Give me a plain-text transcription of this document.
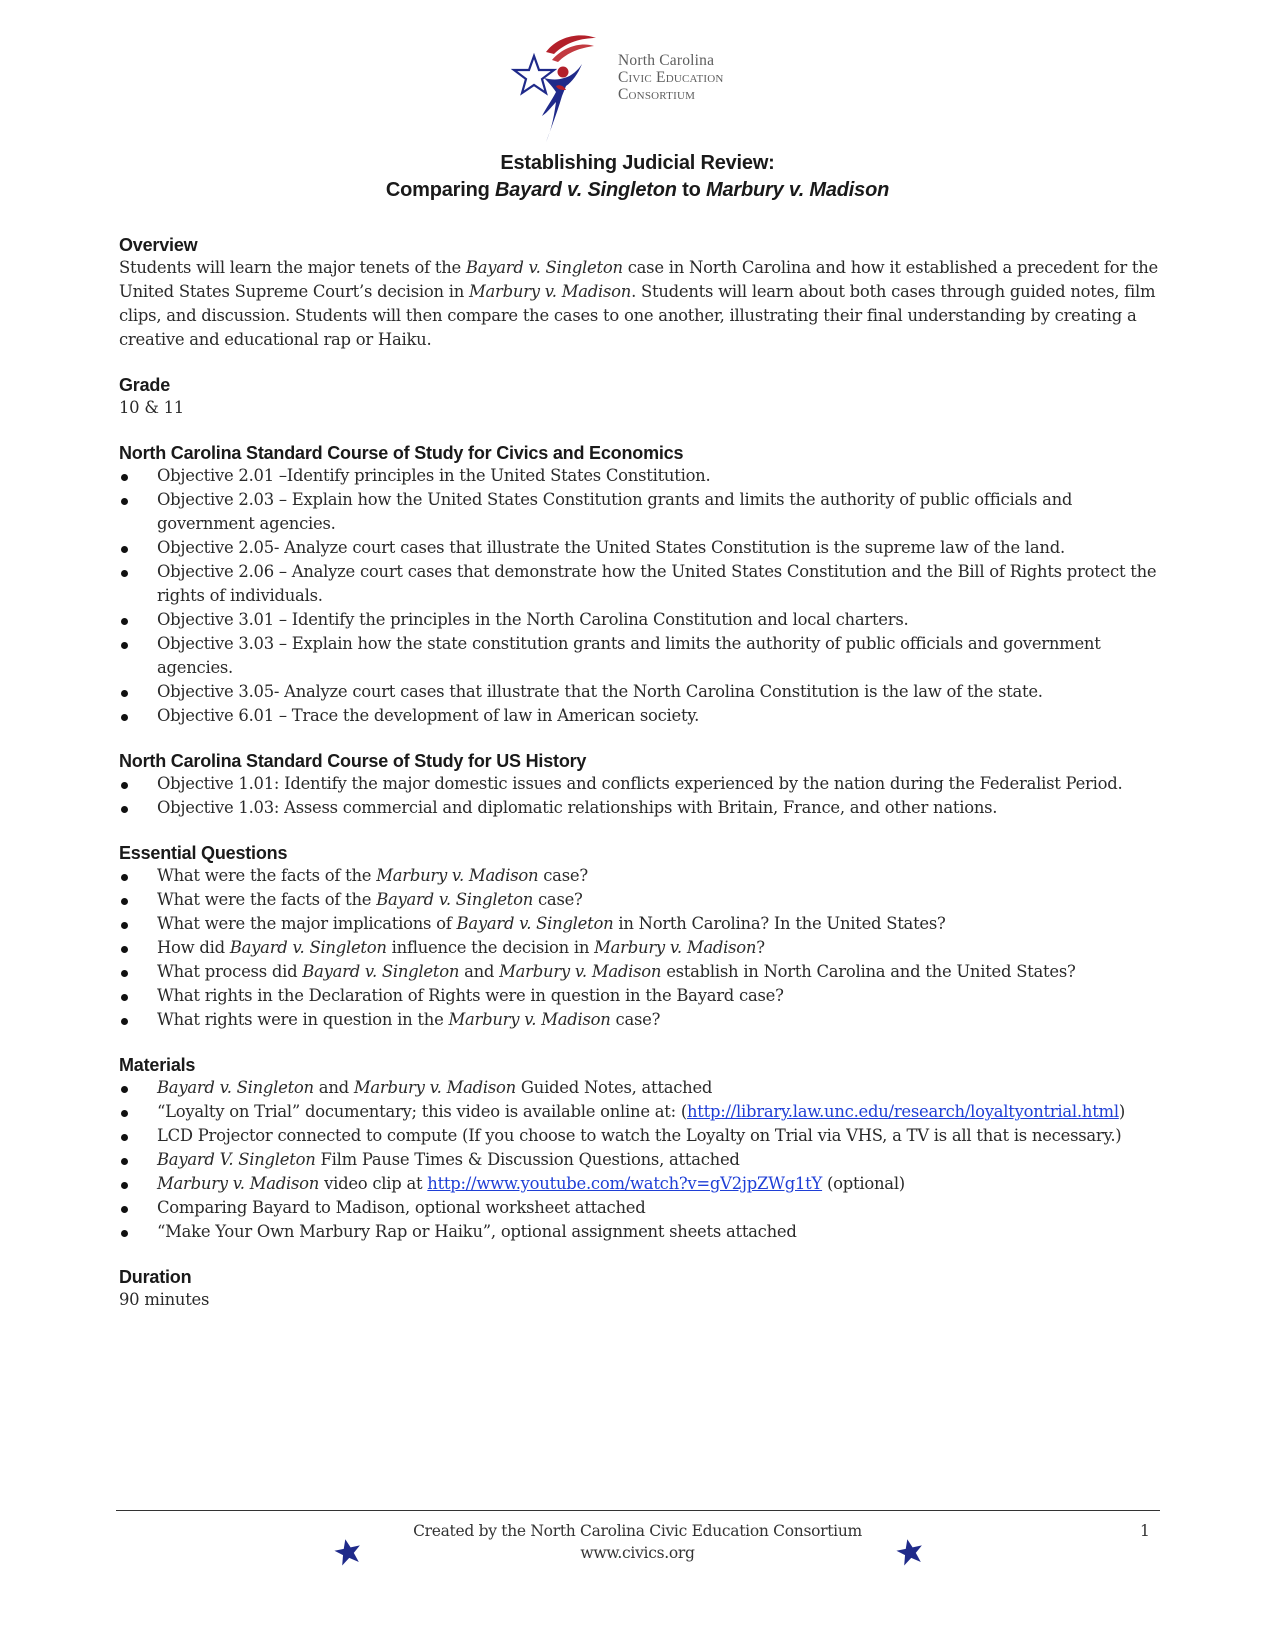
North Carolina
Civic Education
Consortium
Establishing Judicial Review:
Comparing Bayard v. Singleton to Marbury v. Madison
Overview

Students will learn the major tenets of the Bayard v. Singleton case in North Carolina and how it established a precedent for the United States Supreme Court’s decision in Marbury v. Madison. Students will learn about both cases through guided notes, film clips, and discussion. Students will then compare the cases to one another, illustrating their final understanding by creating a creative and educational rap or Haiku.

Grade

10 & 11

North Carolina Standard Course of Study for Civics and Economics
Objective 2.01 –Identify principles in the United States Constitution.
Objective 2.03 – Explain how the United States Constitution grants and limits the authority of public officials and government agencies.
Objective 2.05- Analyze court cases that illustrate the United States Constitution is the supreme law of the land.
Objective 2.06 – Analyze court cases that demonstrate how the United States Constitution and the Bill of Rights protect the rights of individuals.
Objective 3.01 – Identify the principles in the North Carolina Constitution and local charters.
Objective 3.03 – Explain how the state constitution grants and limits the authority of public officials and government agencies.
Objective 3.05- Analyze court cases that illustrate that the North Carolina Constitution is the law of the state.
Objective 6.01 – Trace the development of law in American society.
North Carolina Standard Course of Study for US History
Objective 1.01: Identify the major domestic issues and conflicts experienced by the nation during the Federalist Period.
Objective 1.03: Assess commercial and diplomatic relationships with Britain, France, and other nations.
Essential Questions
What were the facts of the Marbury v. Madison case?
What were the facts of the Bayard v. Singleton case?
What were the major implications of Bayard v. Singleton in North Carolina? In the United States?
How did Bayard v. Singleton influence the decision in Marbury v. Madison?
What process did Bayard v. Singleton and Marbury v. Madison establish in North Carolina and the United States?
What rights in the Declaration of Rights were in question in the Bayard case?
What rights were in question in the Marbury v. Madison case?
Materials
Bayard v. Singleton and Marbury v. Madison Guided Notes, attached
“Loyalty on Trial” documentary; this video is available online at: (http://library.law.unc.edu/research/loyaltyontrial.html)
LCD Projector connected to compute (If you choose to watch the Loyalty on Trial via VHS, a TV is all that is necessary.)
Bayard V. Singleton Film Pause Times & Discussion Questions, attached
Marbury v. Madison video clip at http://www.youtube.com/watch?v=gV2jpZWg1tY (optional)
Comparing Bayard to Madison, optional worksheet attached
“Make Your Own Marbury Rap or Haiku”, optional assignment sheets attached
Duration

90 minutes

Created by the North Carolina Civic Education Consortium
www.civics.org
1
